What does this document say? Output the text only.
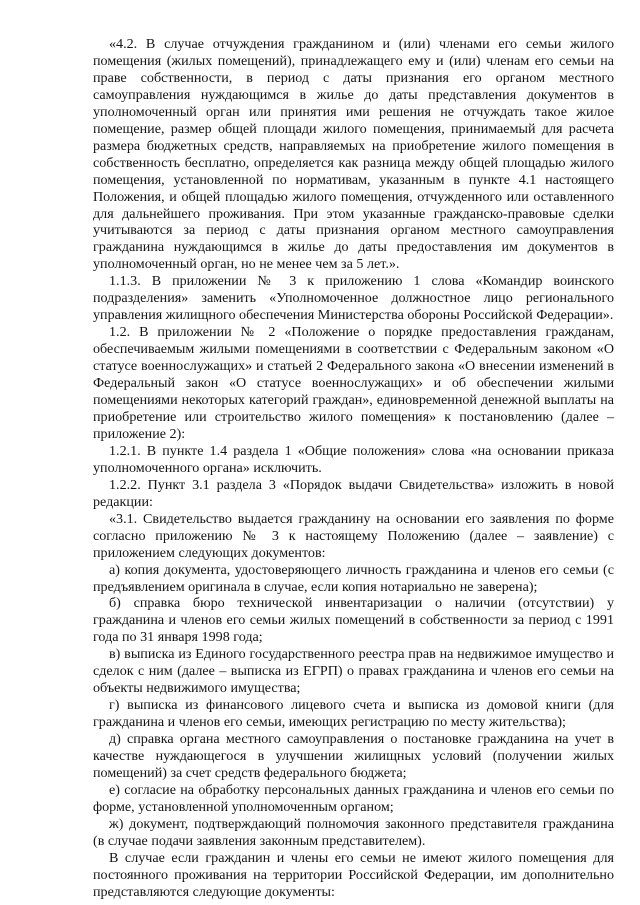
«4.2. В случае отчуждения гражданином и (или) членами его семьи жилого помещения (жилых помещений), принадлежащего ему и (или) членам его семьи на праве собственности, в период с даты признания его органом местного самоуправления нуждающимся в жилье до даты представления документов в уполномоченный орган или принятия ими решения не отчуждать такое жилое помещение, размер общей площади жилого помещения, принимаемый для расчета размера бюджетных средств, направляемых на приобретение жилого помещения в собственность бесплатно, определяется как разница между общей площадью жилого помещения, установленной по нормативам, указанным в пункте 4.1 настоящего Положения, и общей площадью жилого помещения, отчужденного или оставленного для дальнейшего проживания. При этом указанные гражданско-правовые сделки учитываются за период с даты признания органом местного самоуправления гражданина нуждающимся в жилье до даты предоставления им документов в уполномоченный орган, но не менее чем за 5 лет.».

1.1.3. В приложении № 3 к приложению 1 слова «Командир воинского подразделения» заменить «Уполномоченное должностное лицо регионального управления жилищного обеспечения Министерства обороны Российской Федерации».

1.2. В приложении № 2 «Положение о порядке предоставления гражданам, обеспечиваемым жилыми помещениями в соответствии с Федеральным законом «О статусе военнослужащих» и статьей 2 Федерального закона «О внесении изменений в Федеральный закон «О статусе военнослужащих» и об обеспечении жилыми помещениями некоторых категорий граждан», единовременной денежной выплаты на приобретение или строительство жилого помещения» к постановлению (далее – приложение 2):

1.2.1. В пункте 1.4 раздела 1 «Общие положения» слова «на основании приказа уполномоченного органа» исключить.

1.2.2. Пункт 3.1 раздела 3 «Порядок выдачи Свидетельства» изложить в новой редакции:

«3.1. Свидетельство выдается гражданину на основании его заявления по форме согласно приложению № 3 к настоящему Положению (далее – заявление) с приложением следующих документов:

а) копия документа, удостоверяющего личность гражданина и членов его семьи (с предъявлением оригинала в случае, если копия нотариально не заверена);

б) справка бюро технической инвентаризации о наличии (отсутствии) у гражданина и членов его семьи жилых помещений в собственности за период с 1991 года по 31 января 1998 года;

в) выписка из Единого государственного реестра прав на недвижимое имущество и сделок с ним (далее – выписка из ЕГРП) о правах гражданина и членов его семьи на объекты недвижимого имущества;

г) выписка из финансового лицевого счета и выписка из домовой книги (для гражданина и членов его семьи, имеющих регистрацию по месту жительства);

д) справка органа местного самоуправления о постановке гражданина на учет в качестве нуждающегося в улучшении жилищных условий (получении жилых помещений) за счет средств федерального бюджета;

е) согласие на обработку персональных данных гражданина и членов его семьи по форме, установленной уполномоченным органом;

ж) документ, подтверждающий полномочия законного представителя гражданина (в случае подачи заявления законным представителем).

В случае если гражданин и члены его семьи не имеют жилого помещения для постоянного проживания на территории Российской Федерации, им дополнительно представляются следующие документы:
